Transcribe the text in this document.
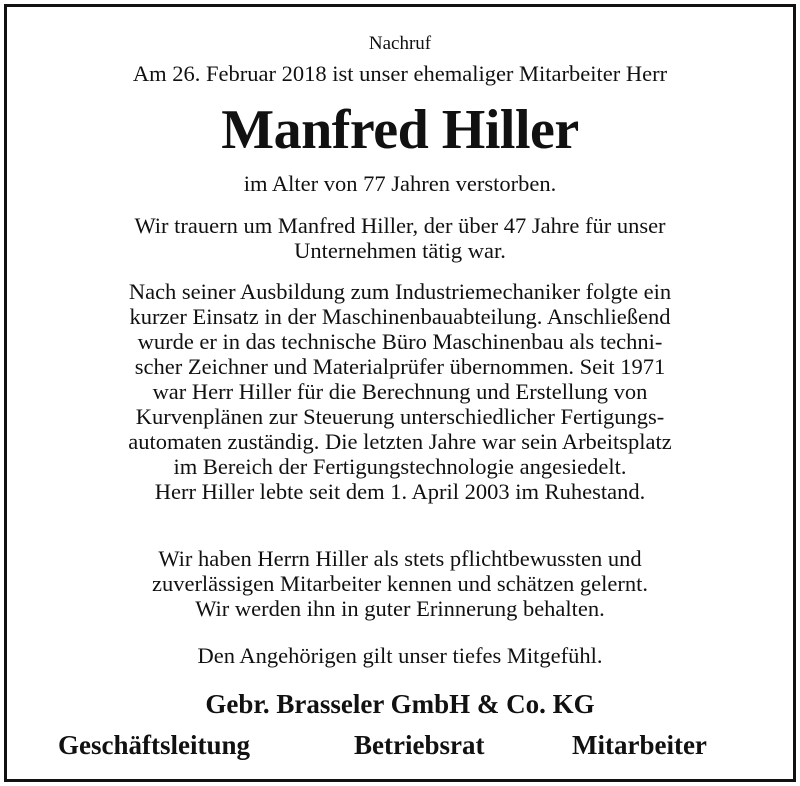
Nachruf
Am 26. Februar 2018 ist unser ehemaliger Mitarbeiter Herr
Manfred Hiller
im Alter von 77 Jahren verstorben.
Wir trauern um Manfred Hiller, der über 47 Jahre für unser
Unternehmen tätig war.
Nach seiner Ausbildung zum Industriemechaniker folgte ein
kurzer Einsatz in der Maschinenbauabteilung. Anschließend
wurde er in das technische Büro Maschinenbau als techni-
scher Zeichner und Materialprüfer übernommen. Seit 1971
war Herr Hiller für die Berechnung und Erstellung von
Kurvenplänen zur Steuerung unterschiedlicher Fertigungs-
automaten zuständig. Die letzten Jahre war sein Arbeitsplatz
im Bereich der Fertigungstechnologie angesiedelt.
Herr Hiller lebte seit dem 1. April 2003 im Ruhestand.
Wir haben Herrn Hiller als stets pflichtbewussten und
zuverlässigen Mitarbeiter kennen und schätzen gelernt.
Wir werden ihn in guter Erinnerung behalten.
Den Angehörigen gilt unser tiefes Mitgefühl.
Gebr. Brasseler GmbH & Co. KG
Geschäftsleitung	Betriebsrat	Mitarbeiter
